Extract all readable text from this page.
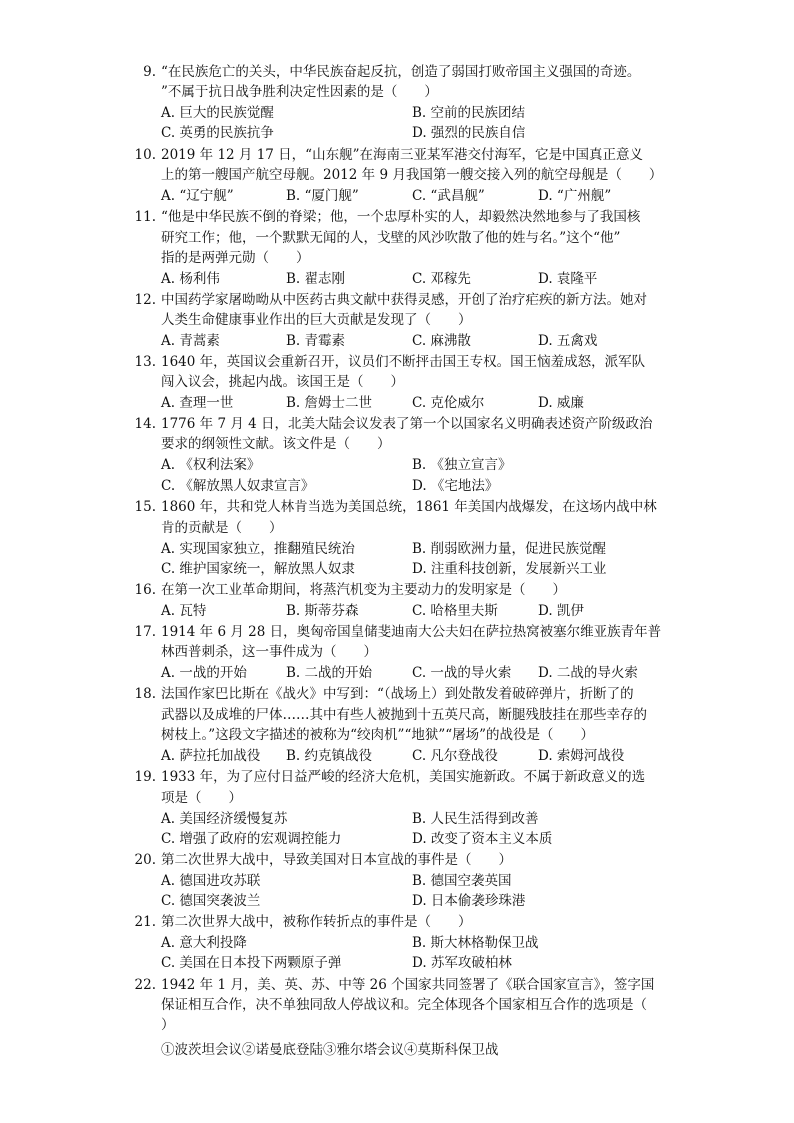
9. “在民族危亡的关头，中华民族奋起反抗，创造了弱国打败帝国主义强国的奇迹。
”不属于抗日战争胜利决定性因素的是（　　）
A. 巨大的民族觉醒	B. 空前的民族团结
C. 英勇的民族抗争	D. 强烈的民族自信
10. 2019 年 12 月 17 日，“山东舰”在海南三亚某军港交付海军，它是中国真正意义
上的第一艘国产航空母舰。2012 年 9 月我国第一艘交接入列的航空母舰是（　　）
A. “辽宁舰”	B. “厦门舰”	C. “武昌舰”	D. “广州舰”
11. “他是中华民族不倒的脊梁；他，一个忠厚朴实的人，却毅然决然地参与了我国核
研究工作；他，一个默默无闻的人，戈壁的风沙吹散了他的姓与名。”这个“他”
指的是两弹元勋（　　）
A. 杨利伟	B. 翟志刚	C. 邓稼先	D. 袁隆平
12. 中国药学家屠呦呦从中医药古典文献中获得灵感，开创了治疗疟疾的新方法。她对
人类生命健康事业作出的巨大贡献是发现了（　　）
A. 青蒿素	B. 青霉素	C. 麻沸散	D. 五禽戏
13. 1640 年，英国议会重新召开，议员们不断抨击国王专权。国王恼羞成怒，派军队
闯入议会，挑起内战。该国王是（　　）
A. 查理一世	B. 詹姆士二世	C. 克伦威尔	D. 威廉
14. 1776 年 7 月 4 日，北美大陆会议发表了第一个以国家名义明确表述资产阶级政治
要求的纲领性文献。该文件是（　　）
A. 《权利法案》	B. 《独立宣言》
C. 《解放黑人奴隶宣言》	D. 《宅地法》
15. 1860 年，共和党人林肯当选为美国总统，1861 年美国内战爆发，在这场内战中林
肯的贡献是（　　）
A. 实现国家独立，推翻殖民统治	B. 削弱欧洲力量，促进民族觉醒
C. 维护国家统一，解放黑人奴隶	D. 注重科技创新，发展新兴工业
16. 在第一次工业革命期间，将蒸汽机变为主要动力的发明家是（　　）
A. 瓦特	B. 斯蒂芬森	C. 哈格里夫斯	D. 凯伊
17. 1914 年 6 月 28 日，奥匈帝国皇储斐迪南大公夫妇在萨拉热窝被塞尔维亚族青年普
林西普刺杀，这一事件成为（　　）
A. 一战的开始	B. 二战的开始	C. 一战的导火索 D. 二战的导火索
18. 法国作家巴比斯在《战火》中写到：“（战场上）到处散发着破碎弹片，折断了的
武器以及成堆的尸体……其中有些人被抛到十五英尺高，断腿残肢挂在那些幸存的
树枝上。”这段文字描述的被称为“绞肉机”“地狱”“屠场”的战役是（　　）
A. 萨拉托加战役 B. 约克镇战役	C. 凡尔登战役	D. 索姆河战役
19. 1933 年，为了应付日益严峻的经济大危机，美国实施新政。不属于新政意义的选
项是（　　）
A. 美国经济缓慢复苏	B. 人民生活得到改善
C. 增强了政府的宏观调控能力	D. 改变了资本主义本质
20. 第二次世界大战中，导致美国对日本宣战的事件是（　　）
A. 德国进攻苏联	B. 德国空袭英国
C. 德国突袭波兰	D. 日本偷袭珍珠港
21. 第二次世界大战中，被称作转折点的事件是（　　）
A. 意大利投降	B. 斯大林格勒保卫战
C. 美国在日本投下两颗原子弹	D. 苏军攻破柏林
22. 1942 年 1 月，美、英、苏、中等 26 个国家共同签署了《联合国家宣言》，签字国
保证相互合作，决不单独同敌人停战议和。完全体现各个国家相互合作的选项是（
）
①波茨坦会议②诺曼底登陆③雅尔塔会议④莫斯科保卫战
